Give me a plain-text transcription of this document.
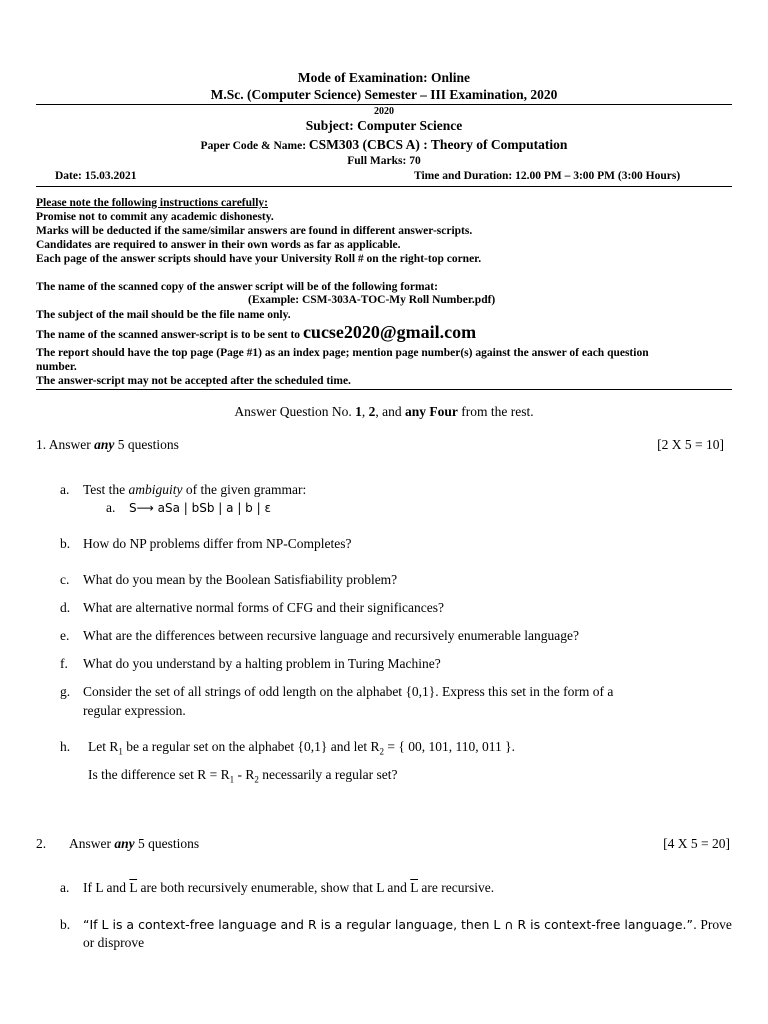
Mode of Examination: Online
M.Sc. (Computer Science) Semester – III Examination, 2020
2020
Subject: Computer Science
Paper Code & Name: CSM303 (CBCS A) : Theory of Computation
Full Marks: 70
Date: 15.03.2021	Time and Duration: 12.00 PM – 3:00 PM (3:00 Hours)
Please note the following instructions carefully:
Promise not to commit any academic dishonesty.
Marks will be deducted if the same/similar answers are found in different answer-scripts.
Candidates are required to answer in their own words as far as applicable.
Each page of the answer scripts should have your University Roll # on the right-top corner.
The name of the scanned copy of the answer script will be of the following format:
(Example: CSM-303A-TOC-My Roll Number.pdf)
The subject of the mail should be the file name only.
The name of the scanned answer-script is to be sent to cucse2020@gmail.com
The report should have the top page (Page #1) as an index page; mention page number(s) against the answer of each question
number.
The answer-script may not be accepted after the scheduled time.
Answer Question No. 1, 2, and any Four from the rest.
1. Answer any 5 questions	[2 X 5 = 10]
a. Test the ambiguity of the given grammar:
a. S⟶ aSa | bSb | a | b | ε
b. How do NP problems differ from NP-Completes?
c. What do you mean by the Boolean Satisfiability problem?
d. What are alternative normal forms of CFG and their significances?
e. What are the differences between recursive language and recursively enumerable language?
f. What do you understand by a halting problem in Turing Machine?
g. Consider the set of all strings of odd length on the alphabet {0,1}. Express this set in the form of a
regular expression.
h. Let $R_1$ be a regular set on the alphabet {0,1} and let $R_2$ = { 00, 101, 110, 011 }.
Is the difference set $R = R_1 - R_2$ necessarily a regular set?
2. Answer any 5 questions	[4 X 5 = 20]
a. If L and $\overline{L}$ are both recursively enumerable, show that L and $\overline{L}$ are recursive.
b. “If L is a context-free language and R is a regular language, then L ∩ R is context-free language.”. Prove
or disprove
